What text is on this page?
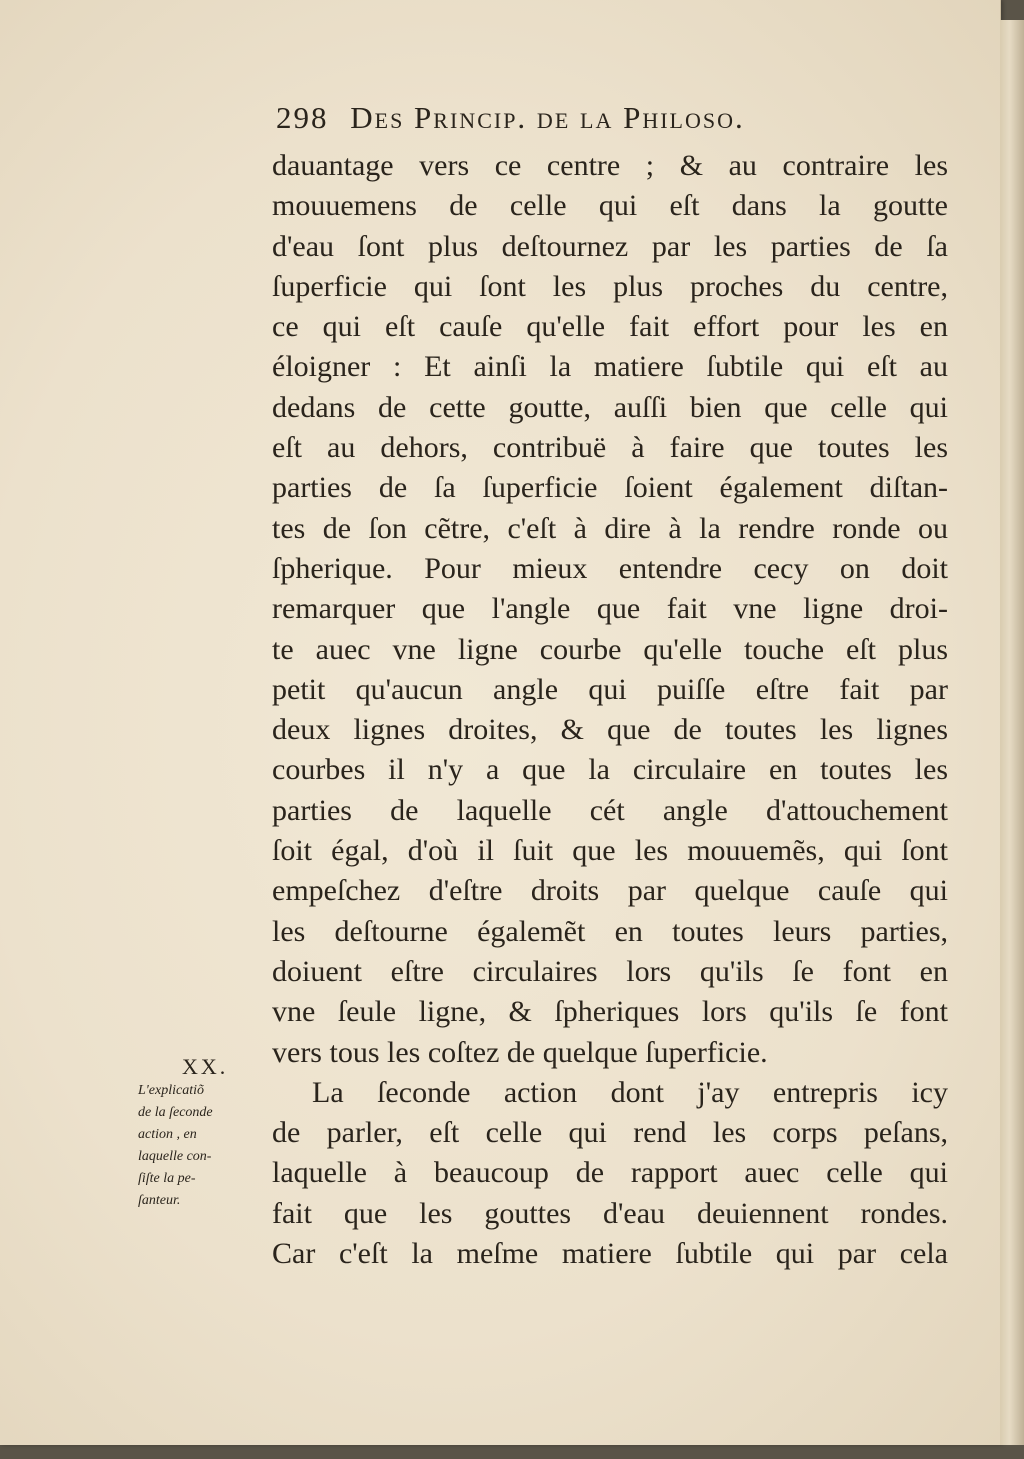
298 Des Princip. de la Philoso.
dauantage vers ce centre ; & au contraire les
mouuemens de celle qui eſt dans la goutte
d'eau ſont plus deſtournez par les parties de ſa
ſuperficie qui ſont les plus proches du centre,
ce qui eſt cauſe qu'elle fait effort pour les en
éloigner : Et ainſi la matiere ſubtile qui eſt au
dedans de cette goutte, auſſi bien que celle qui
eſt au dehors, contribuë à faire que toutes les
parties de ſa ſuperficie ſoient également diſtan-
tes de ſon cẽtre, c'eſt à dire à la rendre ronde ou
ſpherique. Pour mieux entendre cecy on doit
remarquer que l'angle que fait vne ligne droi-
te auec vne ligne courbe qu'elle touche eſt plus
petit qu'aucun angle qui puiſſe eſtre fait par
deux lignes droites, & que de toutes les lignes
courbes il n'y a que la circulaire en toutes les
parties de laquelle cét angle d'attouchement
ſoit égal, d'où il ſuit que les mouuemẽs, qui ſont
empeſchez d'eſtre droits par quelque cauſe qui
les deſtourne égalemẽt en toutes leurs parties,
doiuent eſtre circulaires lors qu'ils ſe font en
vne ſeule ligne, & ſpheriques lors qu'ils ſe font
vers tous les coſtez de quelque ſuperficie.
La ſeconde action dont j'ay entrepris icy
de parler, eſt celle qui rend les corps peſans,
laquelle à beaucoup de rapport auec celle qui
fait que les gouttes d'eau deuiennent rondes.
Car c'eſt la meſme matiere ſubtile qui par cela
XX.
L'explicatiõ
de la ſeconde
action , en
laquelle con-
ſiſte la pe-
ſanteur.
